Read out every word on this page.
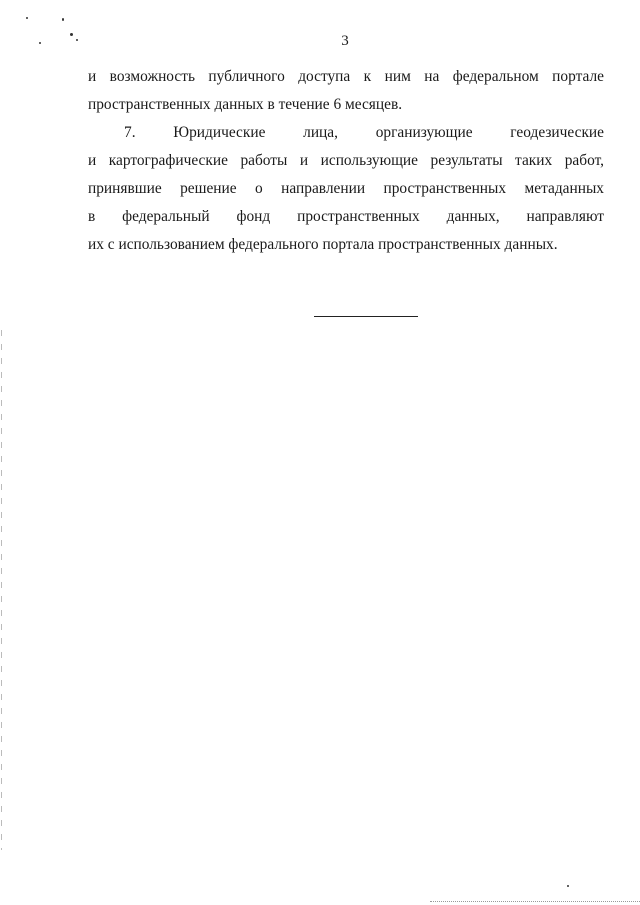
3
и возможность публичного доступа к ним на федеральном портале
пространственных данных в течение 6 месяцев.
7. Юридические лица, организующие геодезические
и картографические работы и использующие результаты таких работ,
принявшие решение о направлении пространственных метаданных
в федеральный фонд пространственных данных, направляют
их с использованием федерального портала пространственных данных.
